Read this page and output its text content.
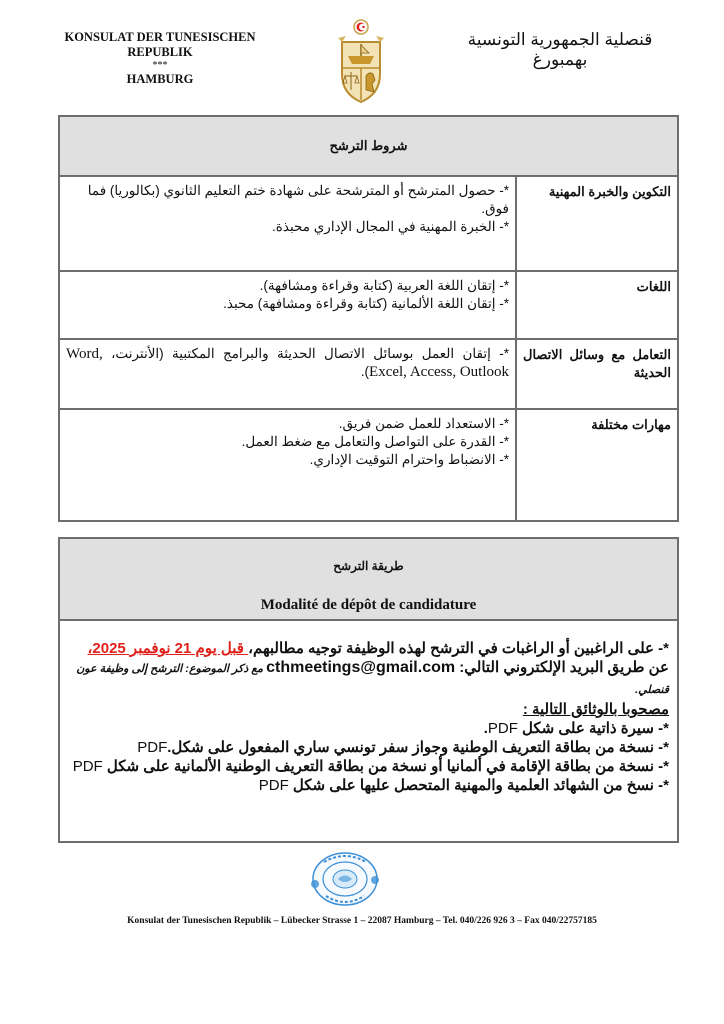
KONSULAT DER TUNESISCHEN
REPUBLIK
***
HAMBURG
قنصلية الجمهورية التونسية
بهمبورغ
شروط الترشح
التكوين والخبرة المهنية

*- حصول المترشح أو المترشحة على شهادة ختم التعليم الثانوي (بكالوريا) فما فوق.

*- الخبرة المهنية في المجال الإداري محبذة.

اللغات

*- إتقان اللغة العربية (كتابة وقراءة ومشافهة).

*- إتقان اللغة الألمانية (كتابة وقراءة ومشافهة) محبذ.

التعامل مع وسائل الاتصال الحديثة
*- إتقان العمل بوسائل الاتصال الحديثة والبرامج المكتبية (الأنترنت، Word, Excel, Access, Outlook).
مهارات مختلفة

*- الاستعداد للعمل ضمن فريق.

*- القدرة على التواصل والتعامل مع ضغط العمل.

*- الانضباط واحترام التوقيت الإداري.

طريقة الترشح
Modalité de dépôt de candidature

*- على الراغبين أو الراغبات في الترشح لهذه الوظيفة توجيه مطالبهم، قبل يوم 21 نوفمبر 2025،

عن طريق البريد الإلكتروني التالي: cthmeetings@gmail.com مع ذكر الموضوع: الترشح إلى وظيفة عون قنصلي.

مصحوبا بالوثائق التالية :

*- سيرة ذاتية على شكل PDF.

*- نسخة من بطاقة التعريف الوطنية وجواز سفر تونسي ساري المفعول على شكل.PDF

*- نسخة من بطاقة الإقامة في ألمانيا أو نسخة من بطاقة التعريف الوطنية الألمانية على شكل PDF

*- نسخ من الشهائد العلمية والمهنية المتحصل عليها على شكل PDF

Konsulat der Tunesischen Republik – Lübecker Strasse 1 – 22087 Hamburg – Tel. 040/226 926 3 – Fax 040/22757185
